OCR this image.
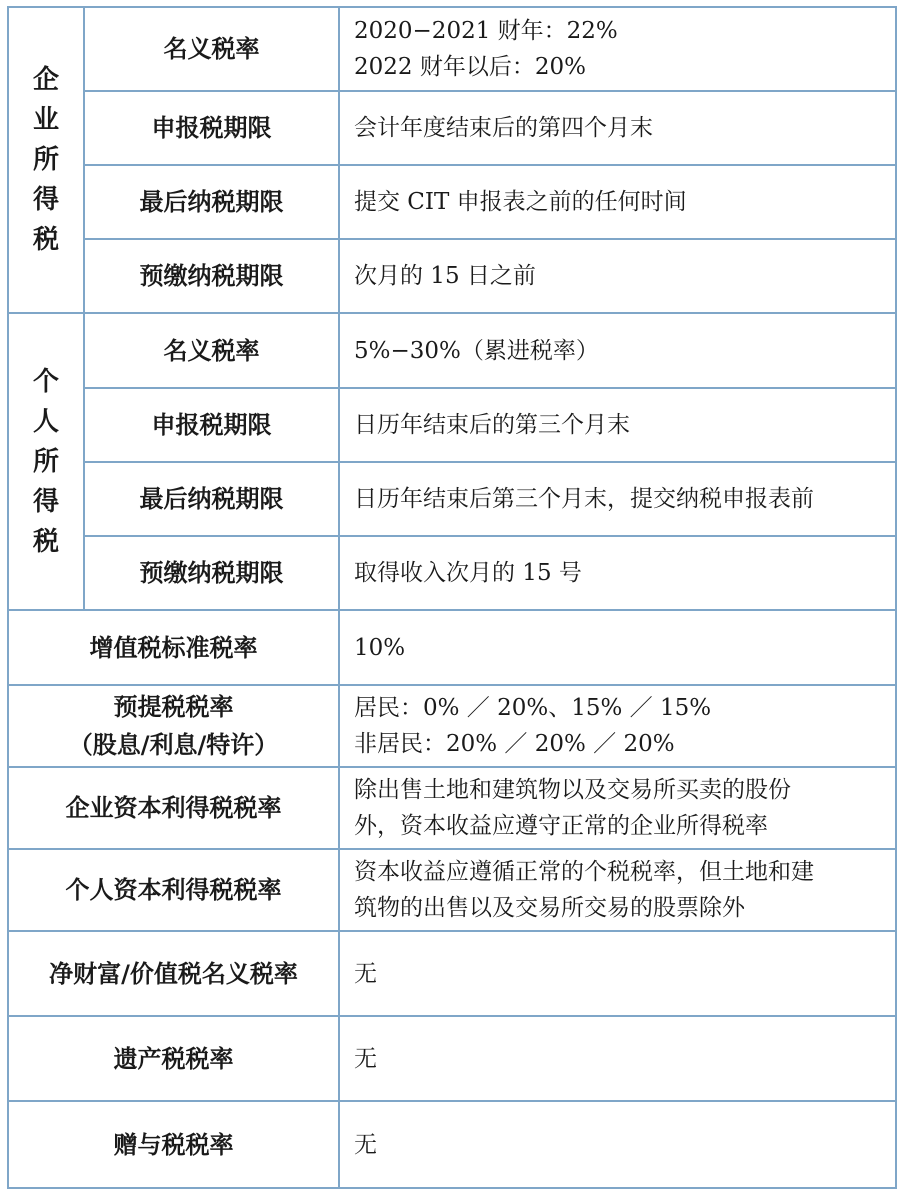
企
业
所
得
税	名义税率	2020−2021 财年：22%
2022 财年以后：20%

	申报税期限	会计年度结束后的第四个月末

	最后纳税期限	提交 CIT 申报表之前的任何时间

	预缴纳税期限	次月的 15 日之前

个
人
所
得
税	名义税率	5%−30%（累进税率）

	申报税期限	日历年结束后的第三个月末

	最后纳税期限	日历年结束后第三个月末，提交纳税申报表前

	预缴纳税期限	取得收入次月的 15 号

增值税标准税率		10%

预提税税率
（股息/利息/特许）		居民：0% ／ 20%、15% ／ 15%
非居民：20% ／ 20% ／ 20%

企业资本利得税税率		除出售土地和建筑物以及交易所买卖的股份
外，资本收益应遵守正常的企业所得税率

个人资本利得税税率		资本收益应遵循正常的个税税率，但土地和建
筑物的出售以及交易所交易的股票除外

净财富/价值税名义税率		无

遗产税税率		无

赠与税税率		无
